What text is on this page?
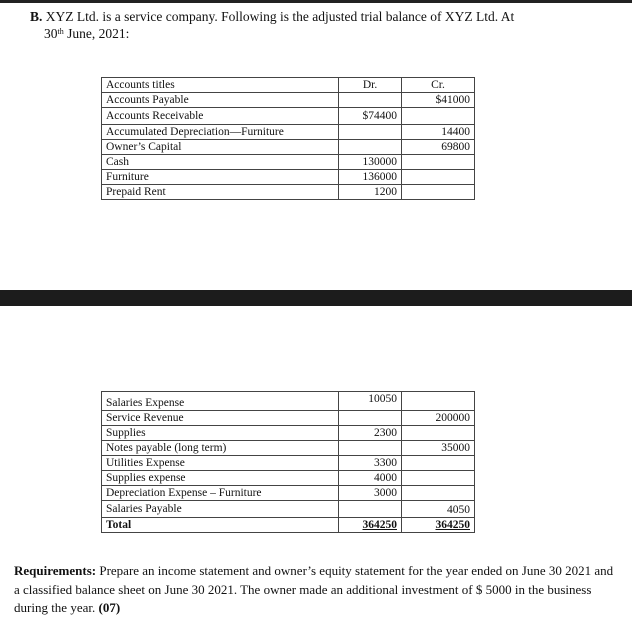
B. XYZ Ltd. is a service company. Following is the adjusted trial balance of XYZ Ltd. At
30th June, 2021:
Accounts titles	Dr.	Cr.
Accounts Payable		$41000
Accounts Receivable	$74400	
Accumulated Depreciation—Furniture		14400
Owner’s Capital		69800
Cash	130000	
Furniture	136000	
Prepaid Rent	1200	
Salaries Expense	10050	
Service Revenue		200000
Supplies	2300	
Notes payable (long term)		35000
Utilities Expense	3300	
Supplies expense	4000	
Depreciation Expense – Furniture	3000	
Salaries Payable		4050
Total	364250	364250
Requirements: Prepare an income statement and owner’s equity statement for the year ended on June 30 2021 and a classified balance sheet on June 30 2021. The owner made an additional investment of $ 5000 in the business during the year. (07)
